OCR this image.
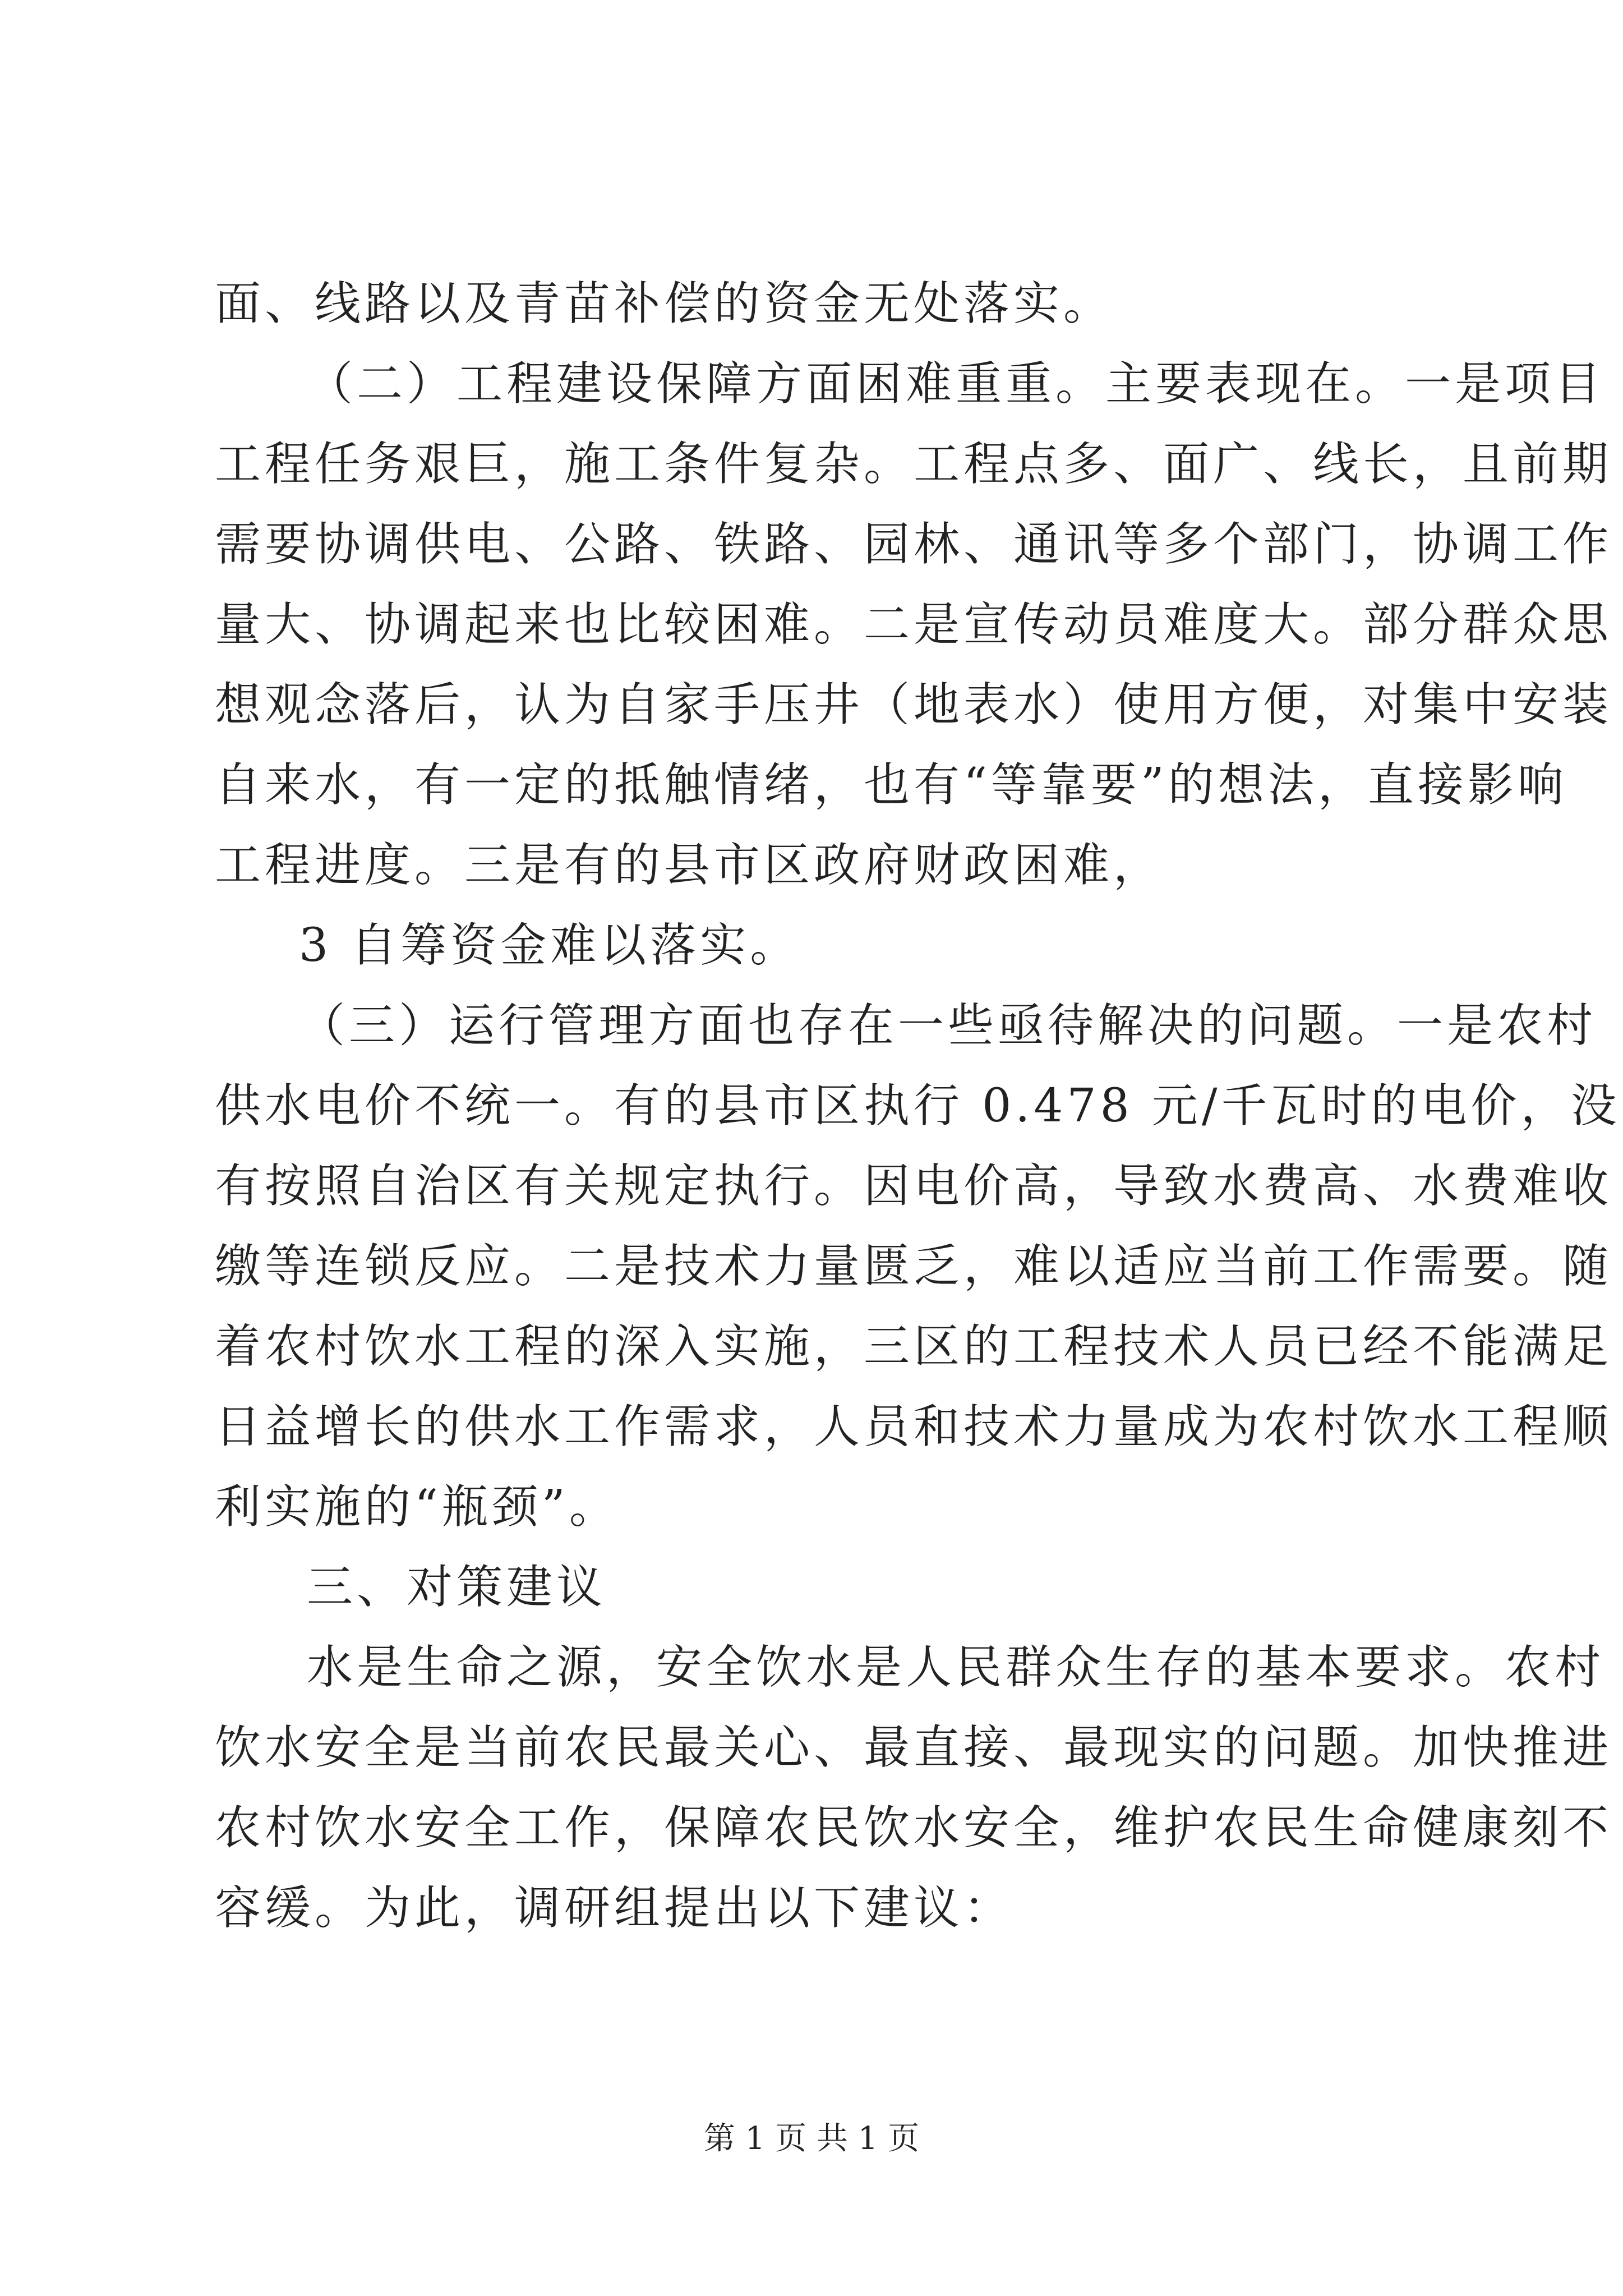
面、线路以及青苗补偿的资金无处落实。
（二）工程建设保障方面困难重重。主要表现在。一是项目
工程任务艰巨，施工条件复杂。工程点多、面广、线长，且前期
需要协调供电、公路、铁路、园林、通讯等多个部门，协调工作
量大、协调起来也比较困难。二是宣传动员难度大。部分群众思
想观念落后，认为自家手压井（地表水）使用方便，对集中安装
自来水，有一定的抵触情绪，也有“等靠要”的想法，直接影响
工程进度。三是有的县市区政府财政困难，
3 自筹资金难以落实。
（三）运行管理方面也存在一些亟待解决的问题。一是农村
供水电价不统一。有的县市区执行 0.478 元/千瓦时的电价，没
有按照自治区有关规定执行。因电价高，导致水费高、水费难收
缴等连锁反应。二是技术力量匮乏，难以适应当前工作需要。随
着农村饮水工程的深入实施，三区的工程技术人员已经不能满足
日益增长的供水工作需求，人员和技术力量成为农村饮水工程顺
利实施的“瓶颈”。
三、对策建议
水是生命之源，安全饮水是人民群众生存的基本要求。农村
饮水安全是当前农民最关心、最直接、最现实的问题。加快推进
农村饮水安全工作，保障农民饮水安全，维护农民生命健康刻不
容缓。为此，调研组提出以下建议：
第 1 页 共 1 页
